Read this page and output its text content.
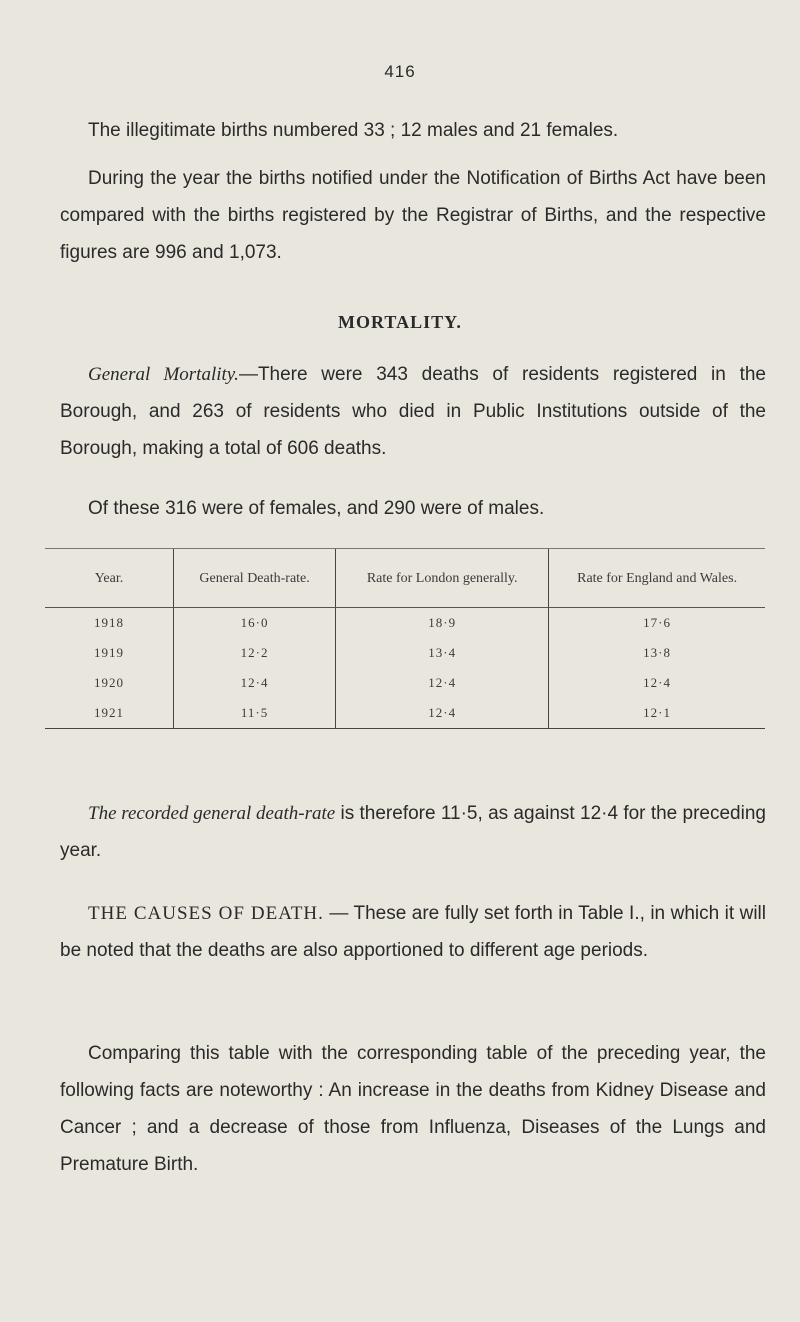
416

The illegitimate births numbered 33 ; 12 males and 21 females.

During the year the births notified under the Notification of Births Act have been compared with the births registered by the Registrar of Births, and the respective figures are 996 and 1,073.

MORTALITY.

General Mortality.—There were 343 deaths of residents registered in the Borough, and 263 of residents who died in Public Institutions outside of the Borough, making a total of 606 deaths.

Of these 316 were of females, and 290 were of males.

Year.	General Death-rate.	Rate for London generally.	Rate for England and Wales.
1918	16·0	18·9	17·6
1919	12·2	13·4	13·8
1920	12·4	12·4	12·4
1921	11·5	12·4	12·1

The recorded general death-rate is therefore 11·5, as against 12·4 for the preceding year.

THE CAUSES OF DEATH. — These are fully set forth in Table I., in which it will be noted that the deaths are also apportioned to different age periods.

Comparing this table with the corresponding table of the preceding year, the following facts are noteworthy : An increase in the deaths from Kidney Disease and Cancer ; and a decrease of those from Influenza, Diseases of the Lungs and Premature Birth.
